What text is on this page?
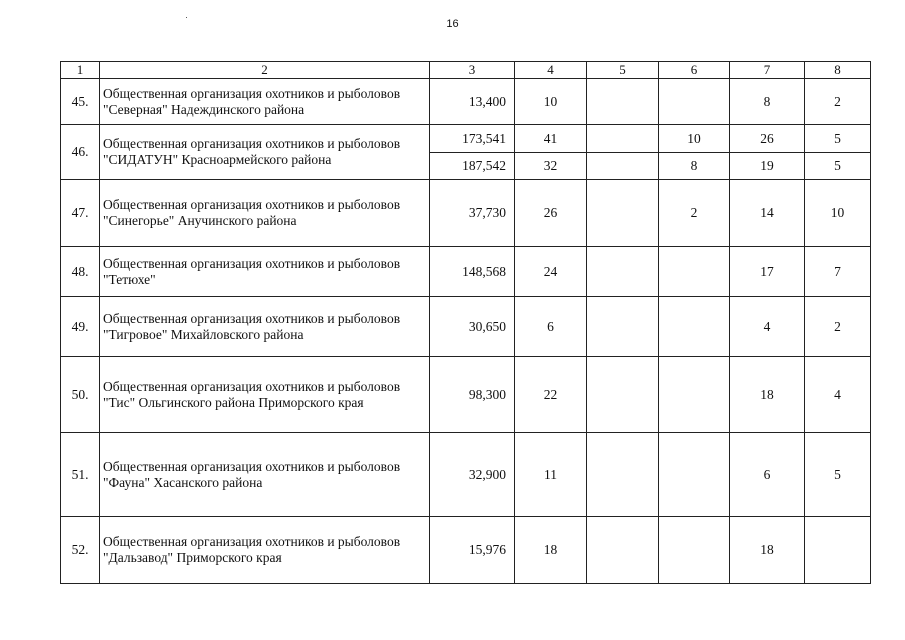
16
1	2	3	4	5	6	7	8
45.	Общественная организация охотников и рыболовов "Северная" Надеждинского района	13,400	10			8	2
46.	Общественная организация охотников и рыболовов "СИДАТУН" Красноармейского района	173,541	41		10	26	5
		187,542	32		8	19	5
47.	Общественная организация охотников и рыболовов "Синегорье" Анучинского района	37,730	26		2	14	10
48.	Общественная организация охотников и рыболовов "Тетюхе"	148,568	24			17	7
49.	Общественная организация охотников и рыболовов "Тигровое" Михайловского района	30,650	6			4	2
50.	Общественная организация охотников и рыболовов "Тис" Ольгинского района Приморского края	98,300	22			18	4
51.	Общественная организация охотников и рыболовов "Фауна" Хасанского района	32,900	11			6	5
52.	Общественная организация охотников и рыболовов "Дальзавод" Приморского края	15,976	18			18	
